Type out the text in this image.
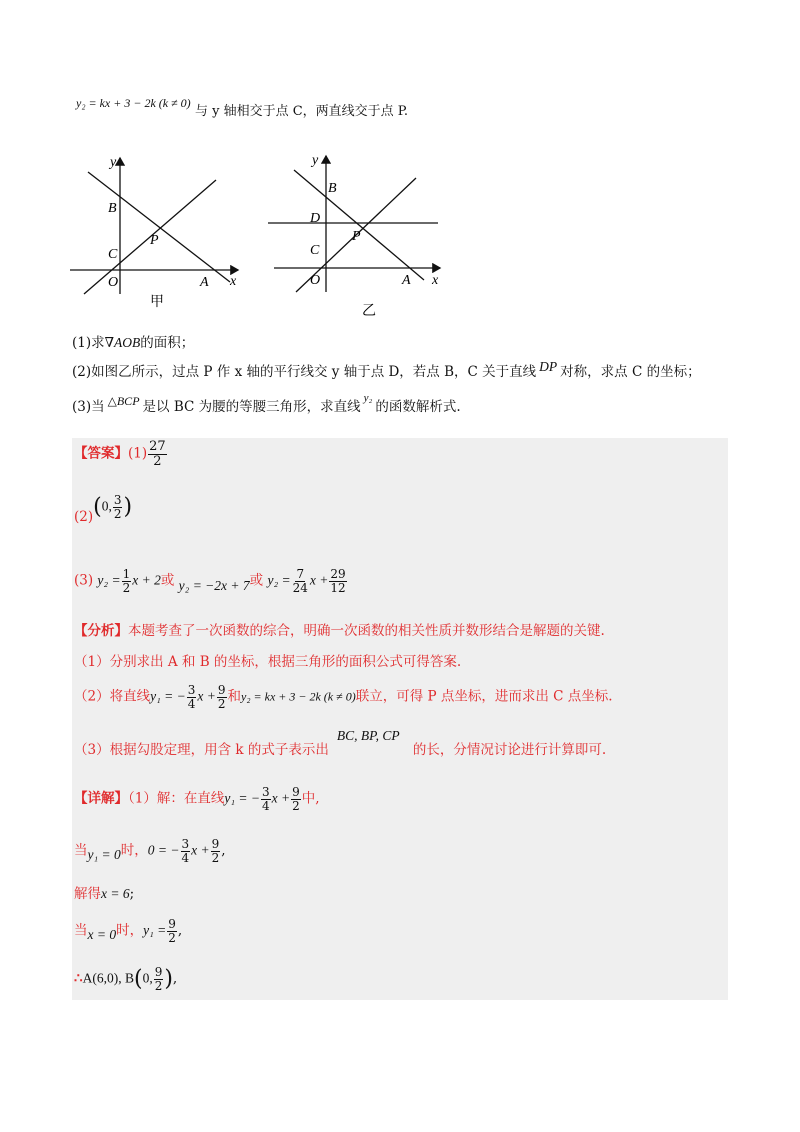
y₂ = kx + 3 − 2k (k ≠ 0) 与 y 轴相交于点 C，两直线交于点 P.
y
x
B
C
O
P
A
甲
y
x
B
D
C
O
P
A
乙
(1)求∇AOB的面积；
(2)如图乙所示，过点 P 作 x 轴的平行线交 y 轴于点 D，若点 B，C 关于直线 DP 对称，求点 C 的坐标；
(3)当 △BCP 是以 BC 为腰的等腰三角形，求直线$^{y_2}$的函数解析式.
【答案】$(1) \frac{27}{2}$
(2)(0, $\frac{3}{2}$ )
(3) $y_2 = \frac{1}{2}$ x + 2或 y₂ = −2x + 7或 $y_2 = \frac{7}{24}$ $x + \frac{29}{12}$
【分析】本题考查了一次函数的综合，明确一次函数的相关性质并数形结合是解题的关键.
（1）分别求出 A 和 B 的坐标，根据三角形的面积公式可得答案.
（2）将直线y₁ = − $\frac{3}{4}$ $x + \frac{9}{2}$ 和y₂ = kx + 3 − 2k (k ≠ 0)联立，可得 P 点坐标，进而求出 C 点坐标.
（3）根据勾股定理，用含 k 的式子表示出BC, BP, CP的长，分情况讨论进行计算即可.
【详解】（1）解：在直线y₁ = − $\frac{3}{4}$ $x + \frac{9}{2}$ 中,
当y₁ = 0时，0 = − $\frac{3}{4}$ $x + \frac{9}{2}$ ,
解得x = 6;
当x = 0时，$y_1 = \frac{9}{2}$ ,
∴A(6,0), B(0, $\frac{9}{2}$ ),
